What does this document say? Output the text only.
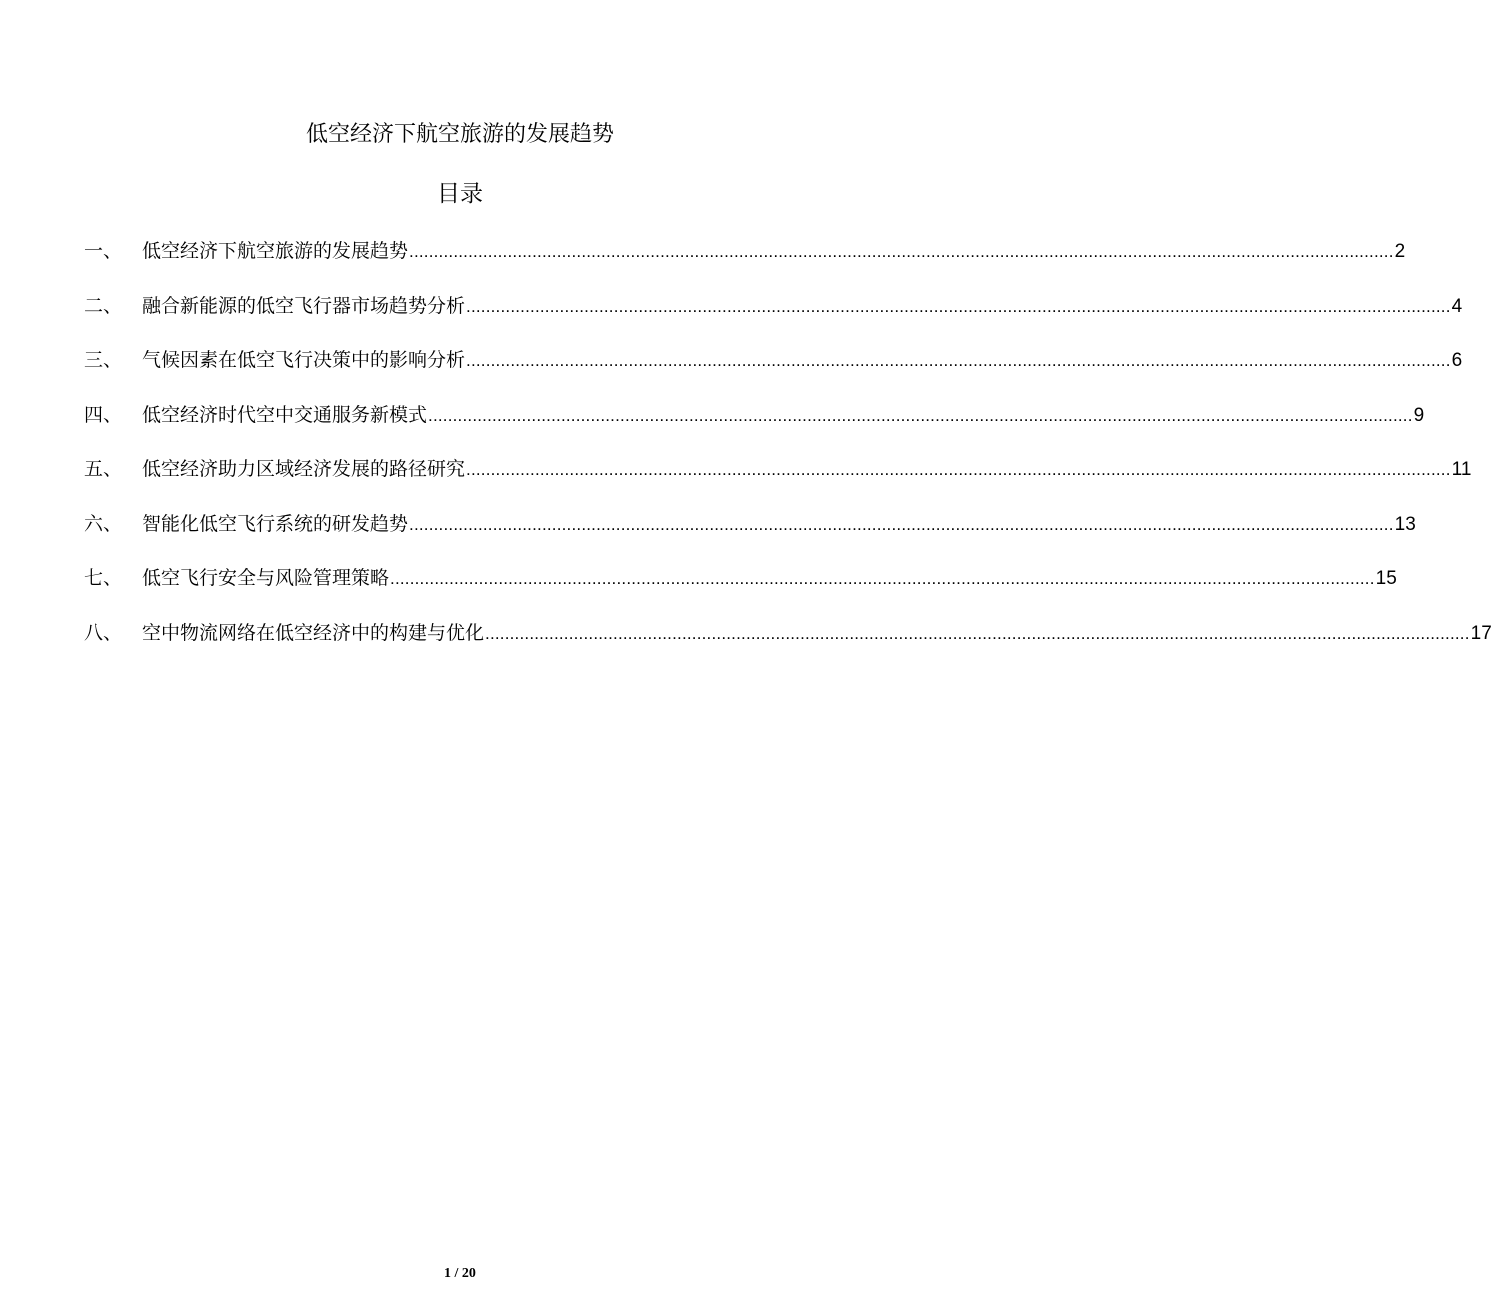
低空经济下航空旅游的发展趋势
目录
一、	低空经济下航空旅游的发展趋势 ........................................................................................................................................................................................................ 2
二、	融合新能源的低空飞行器市场趋势分析 ........................................................................................................................................................................................................ 4
三、	气候因素在低空飞行决策中的影响分析 ........................................................................................................................................................................................................ 6
四、	低空经济时代空中交通服务新模式 ........................................................................................................................................................................................................ 9
五、	低空经济助力区域经济发展的路径研究 ........................................................................................................................................................................................................ 11
六、	智能化低空飞行系统的研发趋势 ........................................................................................................................................................................................................ 13
七、	低空飞行安全与风险管理策略 ........................................................................................................................................................................................................ 15
八、	空中物流网络在低空经济中的构建与优化 ........................................................................................................................................................................................................ 17
1 / 20
